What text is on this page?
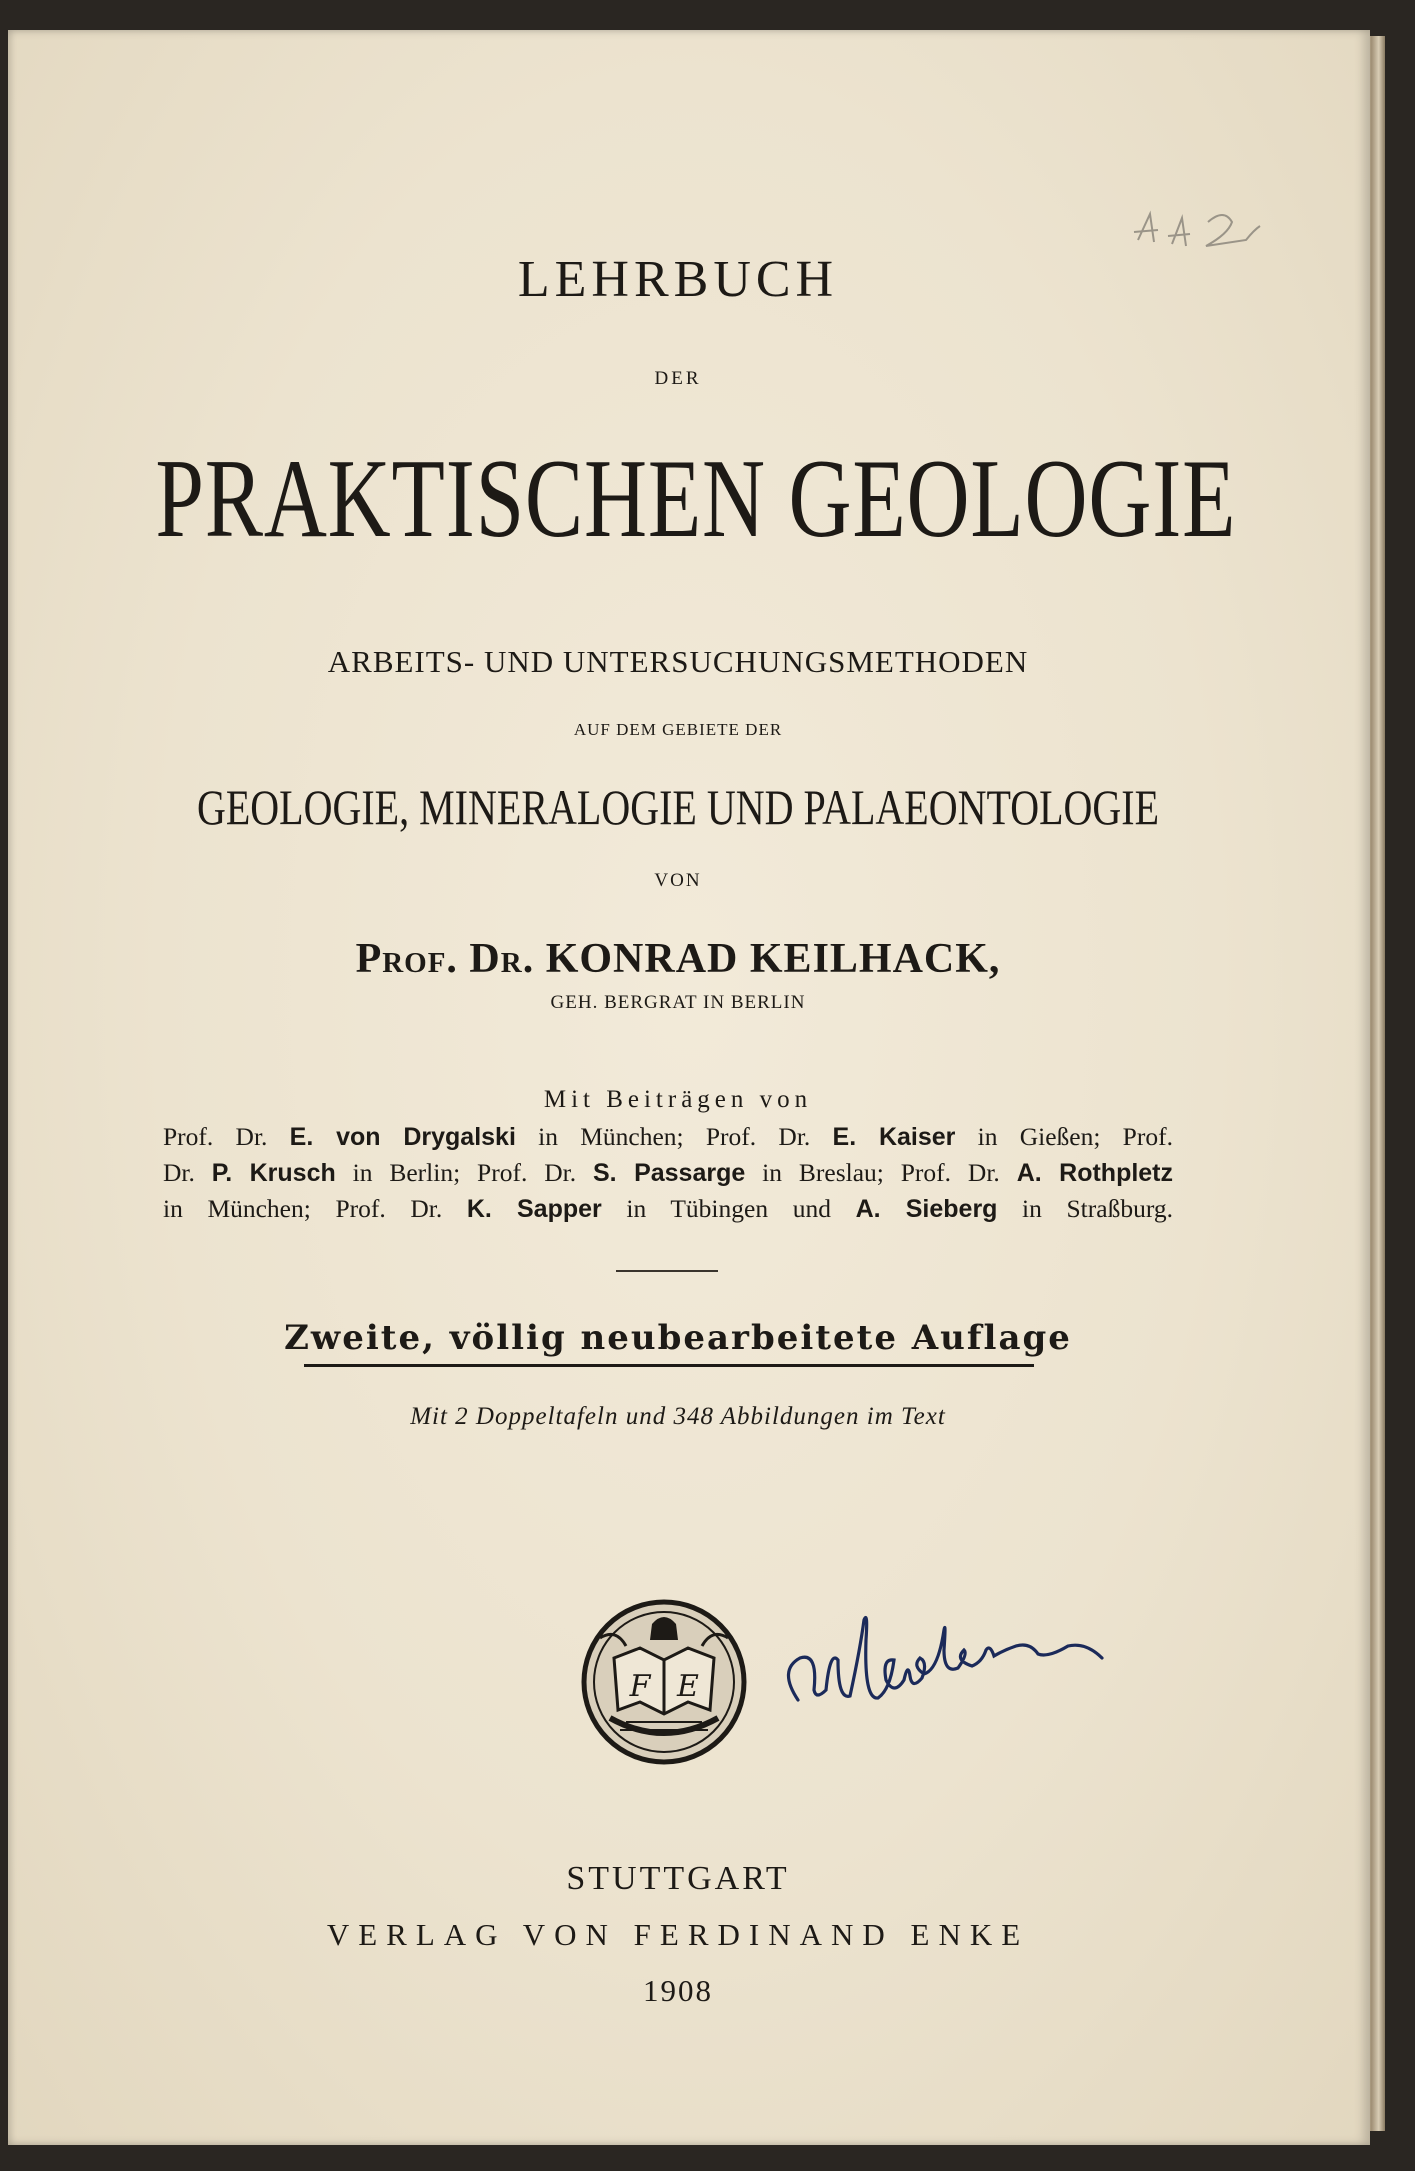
LEHRBUCH
DER
PRAKTISCHEN GEOLOGIE
ARBEITS- UND UNTERSUCHUNGSMETHODEN
AUF DEM GEBIETE DER
GEOLOGIE, MINERALOGIE UND PALAEONTOLOGIE
VON
Prof. Dr. KONRAD KEILHACK,
GEH. BERGRAT IN BERLIN
Mit Beiträgen von
Prof. Dr. E. von Drygalski in München; Prof. Dr. E. Kaiser in Gießen; Prof.
Dr. P. Krusch in Berlin; Prof. Dr. S. Passarge in Breslau; Prof. Dr. A. Rothpletz
in München; Prof. Dr. K. Sapper in Tübingen und A. Sieberg in Straßburg.
Zweite, völlig neubearbeitete Auflage
Mit 2 Doppeltafeln und 348 Abbildungen im Text
F E
STUTTGART
VERLAG VON FERDINAND ENKE
1908
